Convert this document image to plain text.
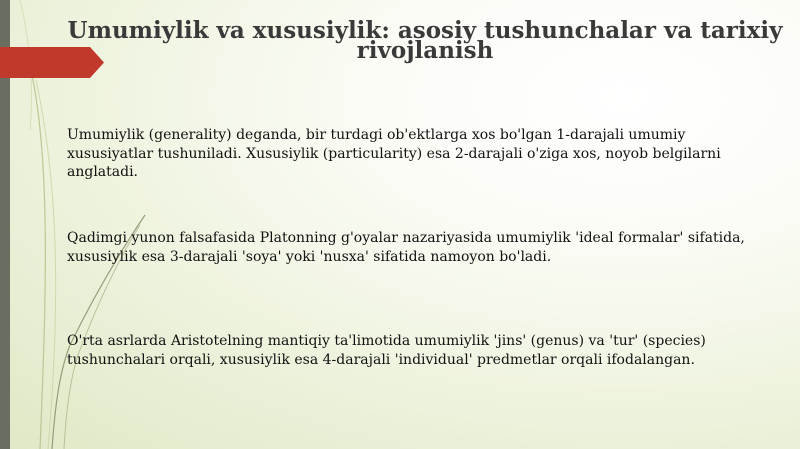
Umumiylik va xususiylik: asosiy tushunchalar va tarixiy rivojlanish

Umumiylik (generality) deganda, bir turdagi ob'ektlarga xos bo'lgan 1-darajali umumiy xususiyatlar tushuniladi. Xususiylik (particularity) esa 2-darajali o'ziga xos, noyob belgilarni anglatadi.

Qadimgi yunon falsafasida Platonning g'oyalar nazariyasida umumiylik 'ideal formalar' sifatida, xususiylik esa 3-darajali 'soya' yoki 'nusxa' sifatida namoyon bo'ladi.

O'rta asrlarda Aristotelning mantiqiy ta'limotida umumiylik 'jins' (genus) va 'tur' (species) tushunchalari orqali, xususiylik esa 4-darajali 'individual' predmetlar orqali ifodalangan.
